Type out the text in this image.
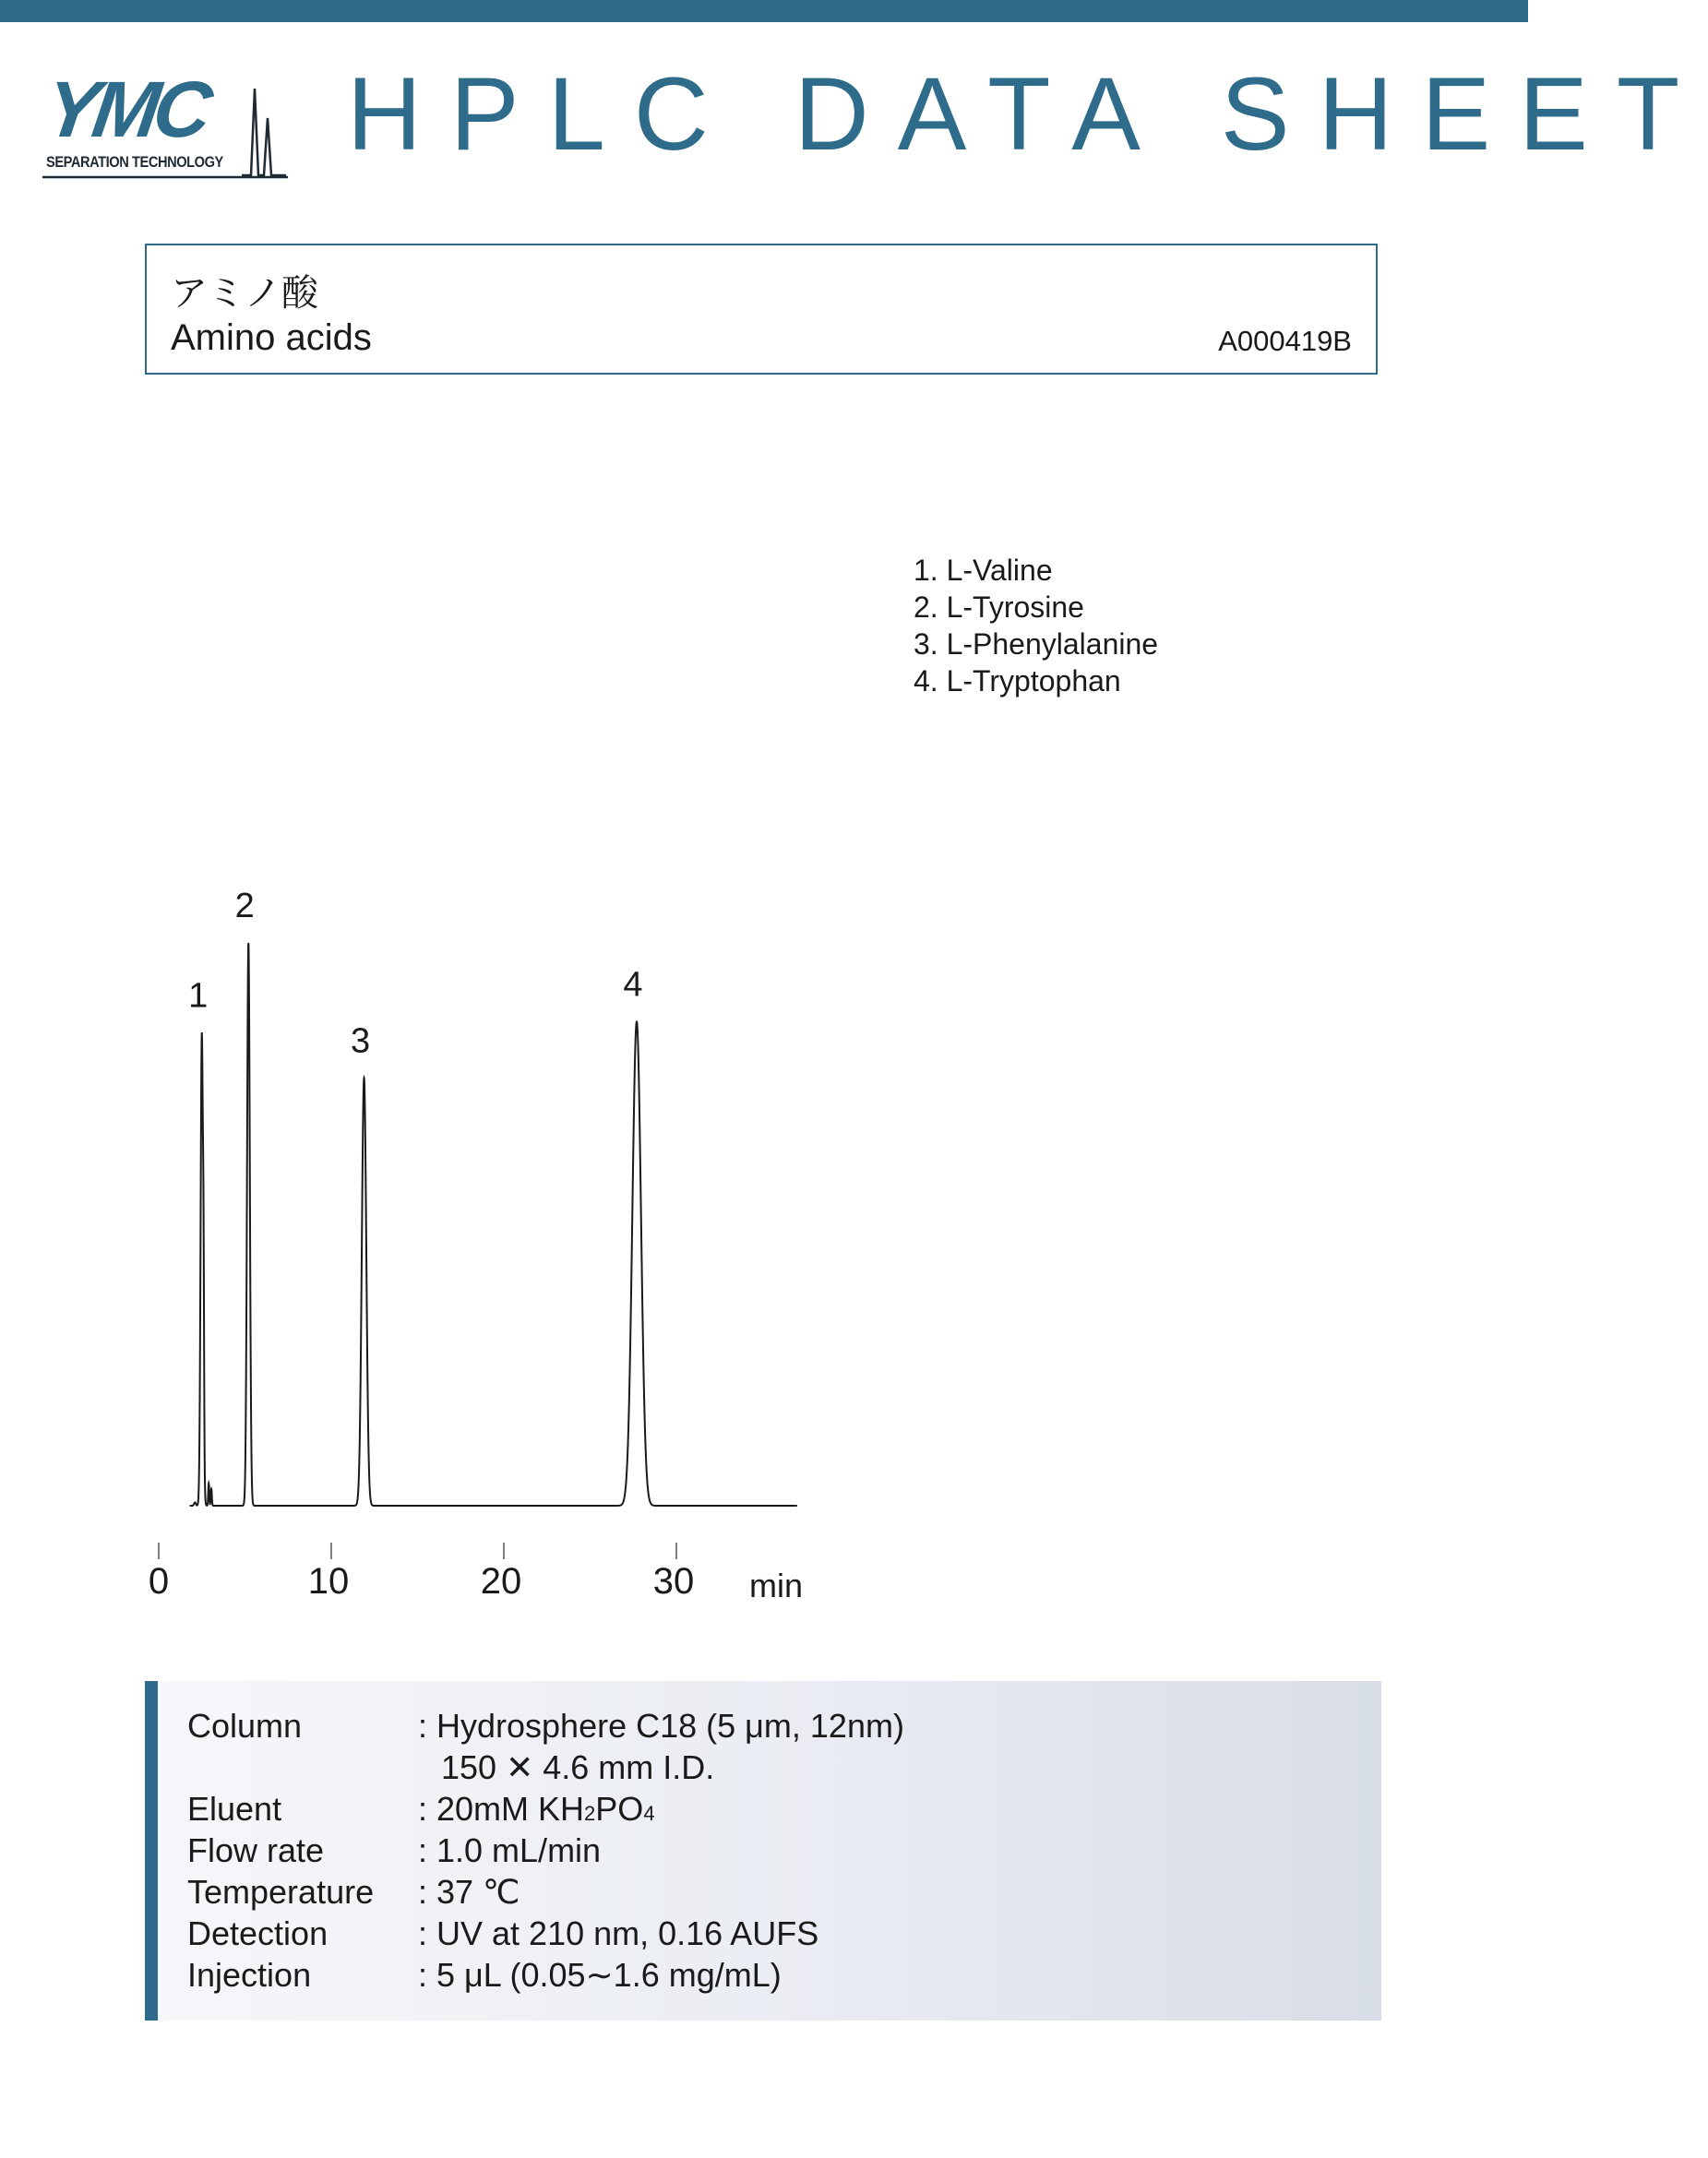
YMC
SEPARATION TECHNOLOGY HPLC DATA SHEET
アミノ酸
Amino acids	A000419B
1. L-Valine
2. L-Tyrosine
3. L-Phenylalanine
4. L-Tryptophan
1
2
3
4
0	10	20	30 min
Column	: Hydrosphere C18 (5 μm, 12nm)
150 ✕ 4.6 mm I.D.
Eluent	: 20mM KH2PO4
Flow rate	: 1.0 mL/min
Temperature : 37 ℃
Detection	: UV at 210 nm, 0.16 AUFS
Injection	: 5 μL (0.05∼1.6 mg/mL)
